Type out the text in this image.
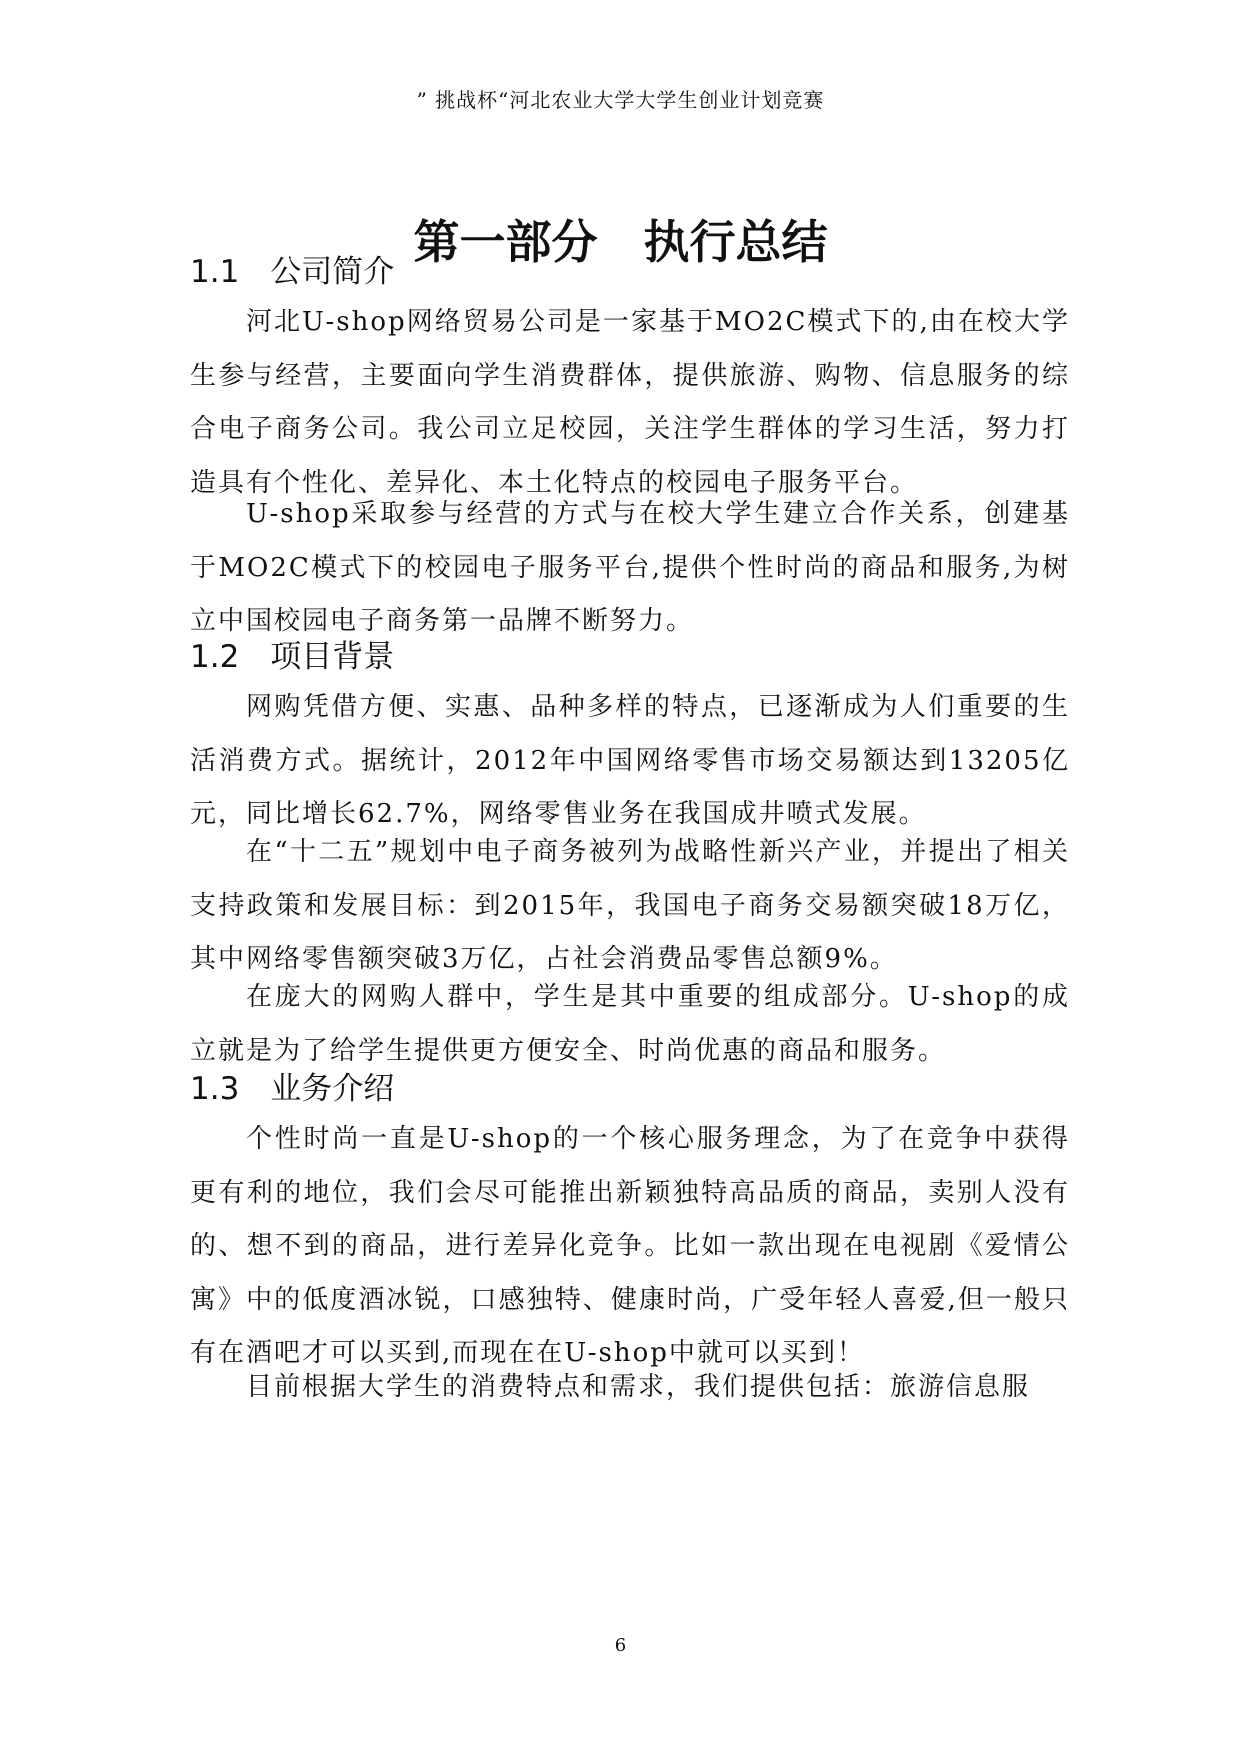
” 挑战杯“河北农业大学大学生创业计划竞赛
第一部分　执行总结
1.1　公司简介

河北U-shop网络贸易公司是一家基于MO2C模式下的,由在校大学生参与经营，主要面向学生消费群体，提供旅游、购物、信息服务的综合电子商务公司。我公司立足校园，关注学生群体的学习生活，努力打造具有个性化、差异化、本土化特点的校园电子服务平台。

U-shop采取参与经营的方式与在校大学生建立合作关系，创建基于MO2C模式下的校园电子服务平台,提供个性时尚的商品和服务,为树立中国校园电子商务第一品牌不断努力。

1.2　项目背景

网购凭借方便、实惠、品种多样的特点，已逐渐成为人们重要的生活消费方式。据统计，2012年中国网络零售市场交易额达到13205亿元，同比增长62.7%，网络零售业务在我国成井喷式发展。

在“十二五”规划中电子商务被列为战略性新兴产业，并提出了相关支持政策和发展目标：到2015年，我国电子商务交易额突破18万亿，其中网络零售额突破3万亿，占社会消费品零售总额9%。

在庞大的网购人群中，学生是其中重要的组成部分。U-shop的成立就是为了给学生提供更方便安全、时尚优惠的商品和服务。

1.3　业务介绍

个性时尚一直是U-shop的一个核心服务理念，为了在竞争中获得更有利的地位，我们会尽可能推出新颖独特高品质的商品，卖别人没有的、想不到的商品，进行差异化竞争。比如一款出现在电视剧《爱情公寓》中的低度酒冰锐，口感独特、健康时尚，广受年轻人喜爱,但一般只有在酒吧才可以买到,而现在在U-shop中就可以买到！

目前根据大学生的消费特点和需求，我们提供包括：旅游信息服

6
